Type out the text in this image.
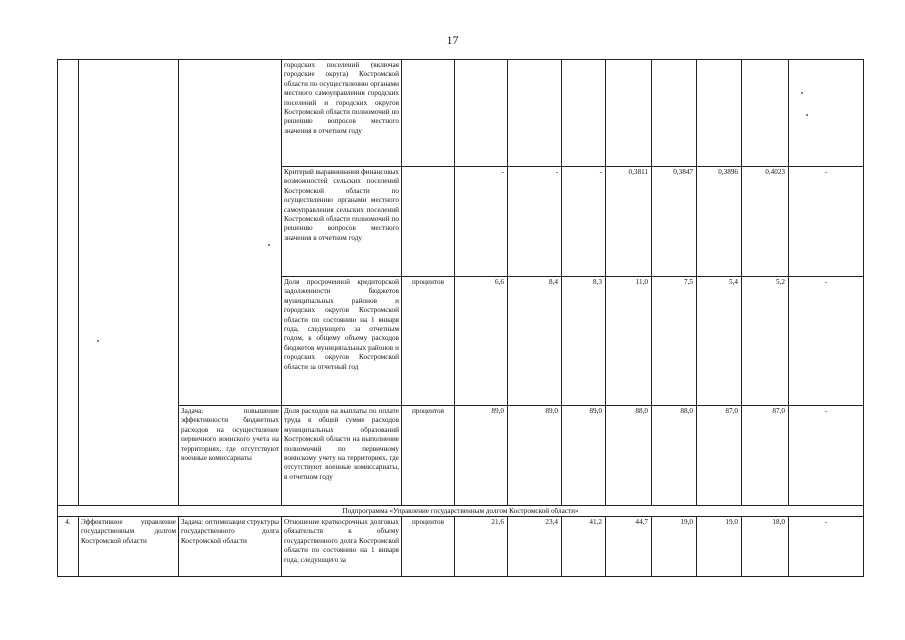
17
			городских поселений (включая городские округа) Костромской области по осуществлению органами местного самоуправления городских поселений и городских округов Костромской области полномочий по решению вопросов местного значения в отчетном году									
			Критерий выравнивания финансовых возможностей сельских поселений Костромской области по осуществлению органами местного самоуправления сельских поселений Костромской области полномочий по решению вопросов местного значения в отчетном году		-	-	-	0,3811	0,3847	0,3896	0,4023	-
			Доля просроченной кредиторской задолженности бюджетов муниципальных районов и городских округов Костромской области по состоянию на 1 января года, следующего за отчетным годом, к общему объему расходов бюджетов муниципальных районов и городских округов Костромской области за отчетный год	процентов	6,6	8,4	8,3	11,0	7,5	5,4	5,2	-
		Задача: повышение эффективности бюджетных расходов на осуществление первичного воинского учета на территориях, где отсутствуют военные комиссариаты	Доля расходов на выплаты по оплате труда в общей сумме расходов муниципальных образований Костромской области на выполнение полномочий по первичному воинскому учету на территориях, где отсутствуют военные комиссариаты, в отчетном году	процентов	89,0	89,0	89,0	88,0	88,0	87,0	87,0	-
Подпрограмма «Управление государственным долгом Костромской области»												
4.	Эффективное управление государственным долгом Костромской области	Задача: оптимизация структуры государственного долга Костромской области	Отношение краткосрочных долговых обязательств к объему государственного долга Костромской области по состоянию на 1 января года, следующего за	процентов	21,6	23,4	41,2	44,7	19,0	19,0	18,0	-
